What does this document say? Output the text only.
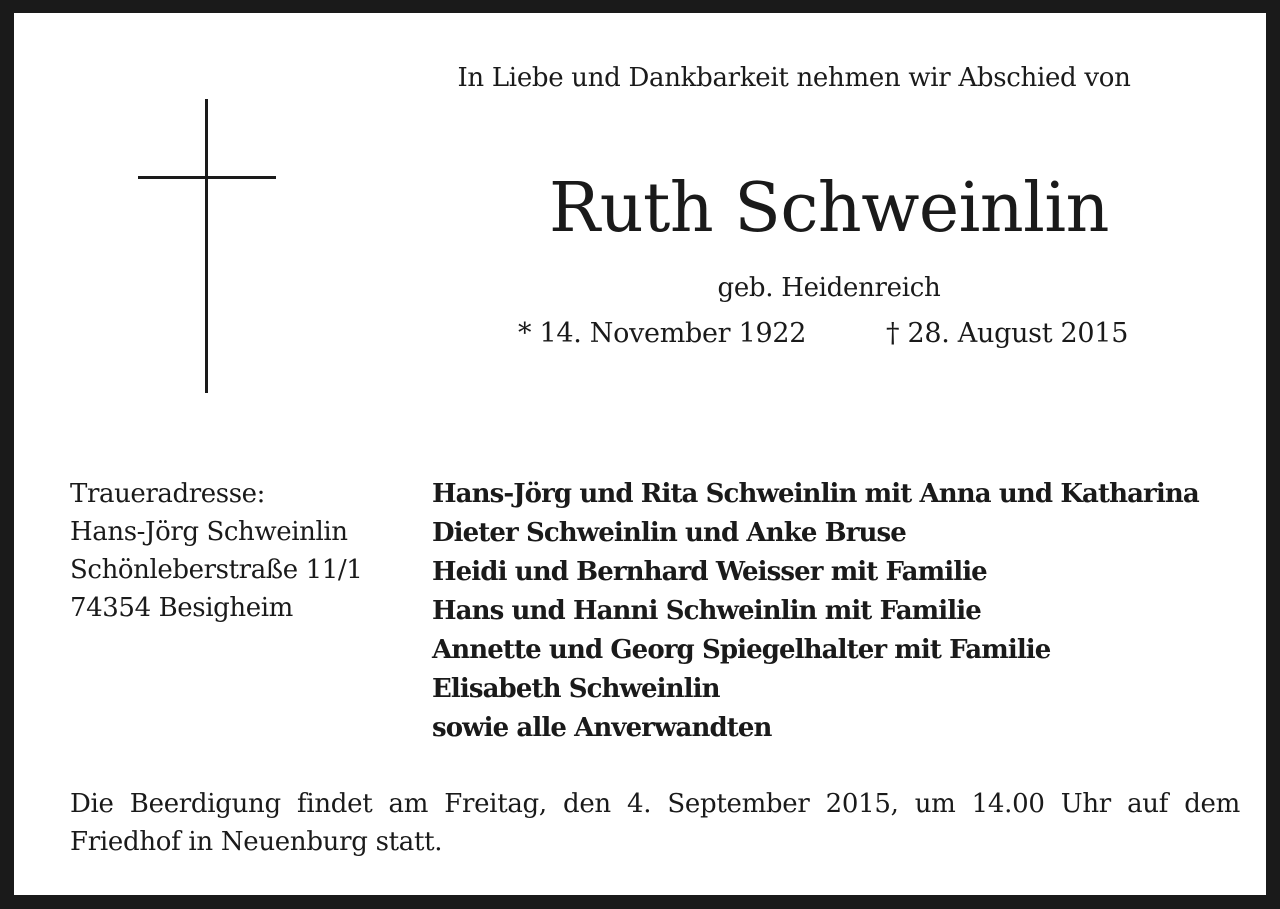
In Liebe und Dankbarkeit nehmen wir Abschied von
Ruth Schweinlin
geb. Heidenreich
* 14. November 1922	† 28. August 2015
Traueradresse:
Hans-Jörg Schweinlin
Schönleberstraße 11/1
74354 Besigheim
Hans-Jörg und Rita Schweinlin mit Anna und Katharina
Dieter Schweinlin und Anke Bruse
Heidi und Bernhard Weisser mit Familie
Hans und Hanni Schweinlin mit Familie
Annette und Georg Spiegelhalter mit Familie
Elisabeth Schweinlin
sowie alle Anverwandten
Die Beerdigung findet am Freitag, den 4. September 2015, um 14.00 Uhr auf dem Friedhof in Neuenburg statt.
